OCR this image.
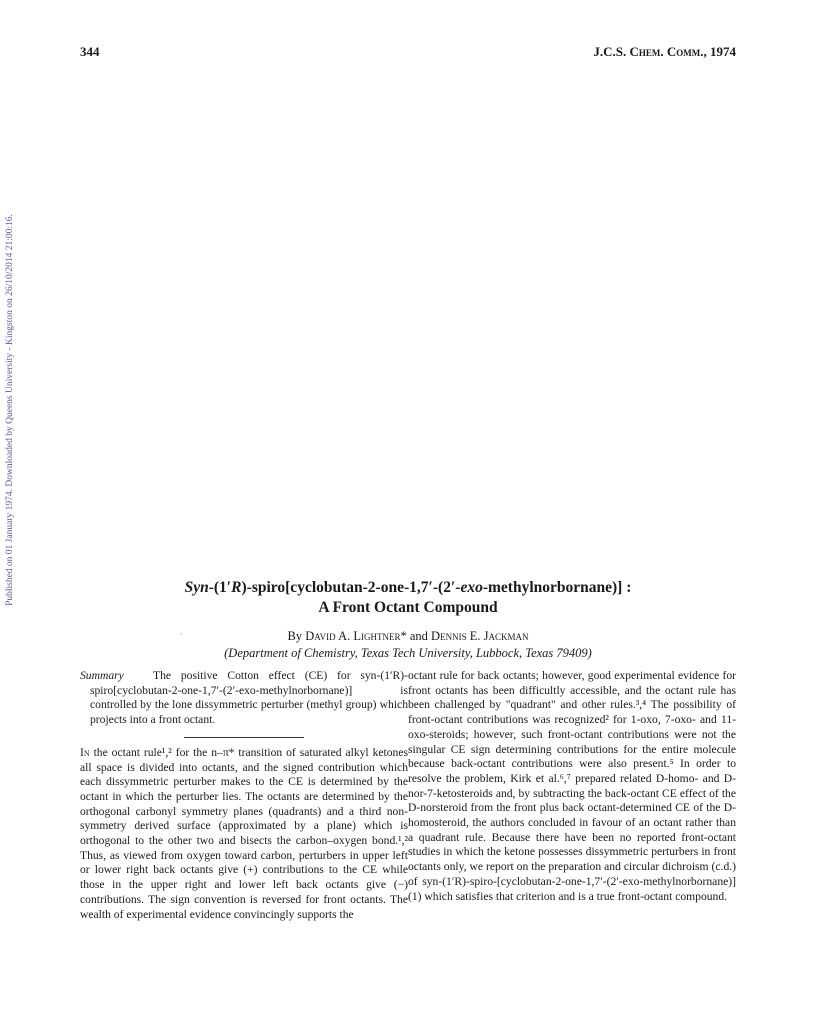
344	J.C.S. Chem. Comm., 1974
Published on 01 January 1974. Downloaded by Queens University - Kingston on 26/10/2014 21:00:16.	Syn-(1′R)-spiro[cyclobutan-2-one-1,7′-(2′-exo-methylnorbornane)] :
A Front Octant Compound
·	By David A. Lightner* and Dennis E. Jackman
(Department of Chemistry, Texas Tech University, Lubbock, Texas 79409)

Summary	The positive Cotton effect (CE) for syn-(1′R)-spiro[cyclobutan-2-one-1,7′-(2′-exo-methylnorbornane)] is controlled by the lone dissymmetric perturber (methyl group) which projects into a front octant.

In the octant rule¹,² for the n–π* transition of saturated alkyl ketones all space is divided into octants, and the signed contribution which each dissymmetric perturber makes to the CE is determined by the octant in which the perturber lies. The octants are determined by the orthogonal carbonyl symmetry planes (quadrants) and a third non-symmetry derived surface (approximated by a plane) which is orthogonal to the other two and bisects the carbon–oxygen bond.¹,² Thus, as viewed from oxygen toward carbon, perturbers in upper left or lower right back octants give (+) contributions to the CE while those in the upper right and lower left back octants give (−) contributions. The sign convention is reversed for front octants. The wealth of experimental evidence convincingly supports the

octant rule for back octants; however, good experimental evidence for front octants has been difficultly accessible, and the octant rule has been challenged by "quadrant" and other rules.³,⁴ The possibility of front-octant contributions was recognized² for 1-oxo, 7-oxo- and 11-oxo-steroids; however, such front-octant contributions were not the singular CE sign determining contributions for the entire molecule because back-octant contributions were also present.⁵ In order to resolve the problem, Kirk et al.⁶,⁷ prepared related D-homo- and D-nor-7-ketosteroids and, by subtracting the back-octant CE effect of the D-norsteroid from the front plus back octant-determined CE of the D-homosteroid, the authors concluded in favour of an octant rather than a quadrant rule. Because there have been no reported front-octant studies in which the ketone possesses dissymmetric perturbers in front octants only, we report on the preparation and circular dichroism (c.d.) of syn-(1′R)-spiro-[cyclobutan-2-one-1,7′-(2′-exo-methylnorbornane)] (1) which satisfies that criterion and is a true front-octant compound.
